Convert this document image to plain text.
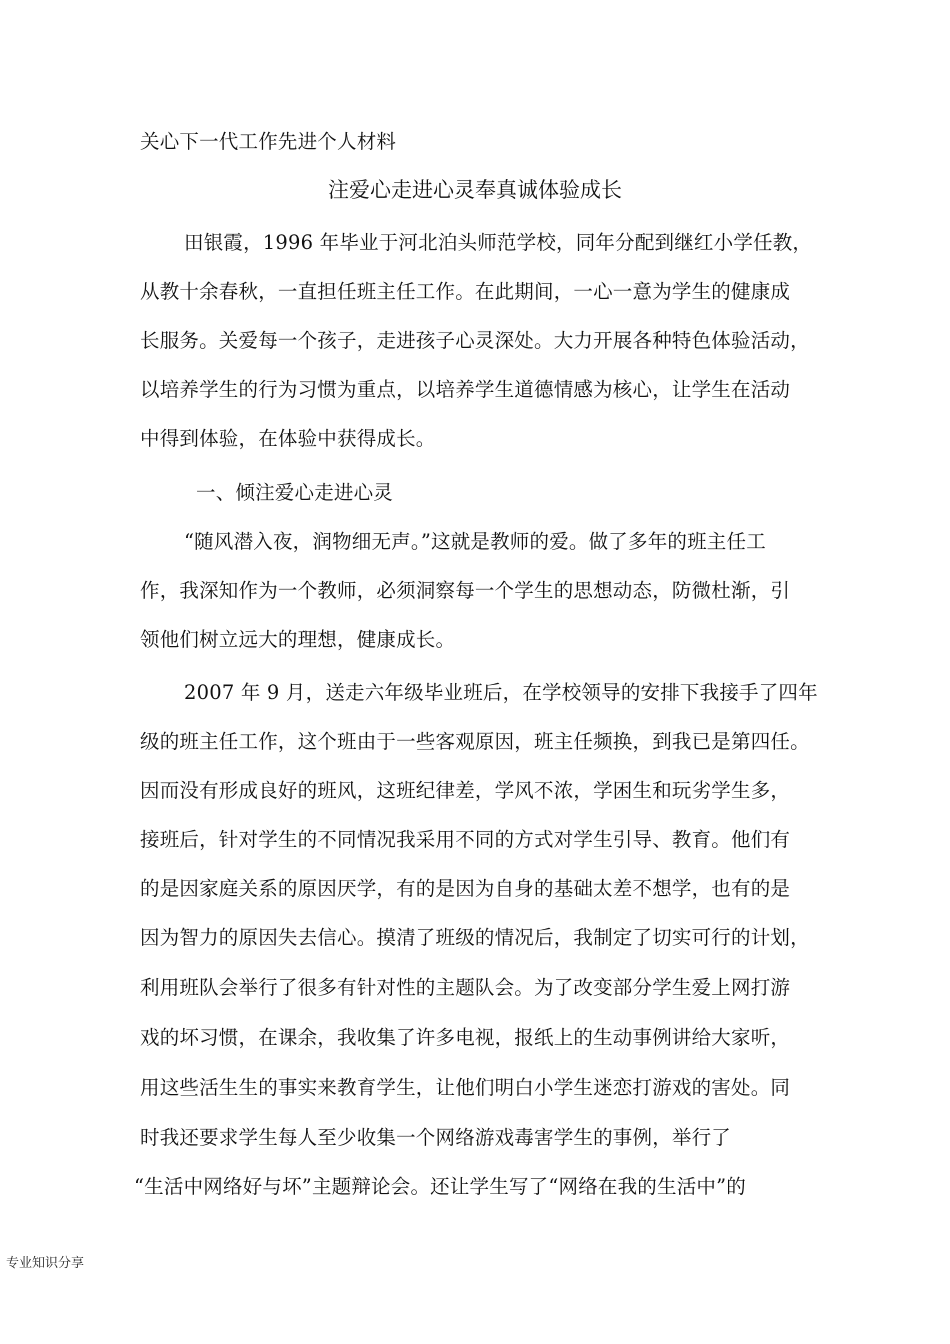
关心下一代工作先进个人材料
注爱心走进心灵奉真诚体验成长
田银霞，1996 年毕业于河北泊头师范学校，同年分配到继红小学任教，
从教十余春秋，一直担任班主任工作。在此期间，一心一意为学生的健康成
长服务。关爱每一个孩子，走进孩子心灵深处。大力开展各种特色体验活动，
以培养学生的行为习惯为重点，以培养学生道德情感为核心，让学生在活动
中得到体验，在体验中获得成长。
一、倾注爱心走进心灵
“随风潜入夜，润物细无声。”这就是教师的爱。做了多年的班主任工
作，我深知作为一个教师，必须洞察每一个学生的思想动态，防微杜渐，引
领他们树立远大的理想，健康成长。
2007 年 9 月，送走六年级毕业班后，在学校领导的安排下我接手了四年
级的班主任工作，这个班由于一些客观原因，班主任频换，到我已是第四任。
因而没有形成良好的班风，这班纪律差，学风不浓，学困生和玩劣学生多，
接班后，针对学生的不同情况我采用不同的方式对学生引导、教育。他们有
的是因家庭关系的原因厌学，有的是因为自身的基础太差不想学，也有的是
因为智力的原因失去信心。摸清了班级的情况后，我制定了切实可行的计划，
利用班队会举行了很多有针对性的主题队会。为了改变部分学生爱上网打游
戏的坏习惯，在课余，我收集了许多电视，报纸上的生动事例讲给大家听，
用这些活生生的事实来教育学生，让他们明白小学生迷恋打游戏的害处。同
时我还要求学生每人至少收集一个网络游戏毒害学生的事例，举行了
“生活中网络好与坏”主题辩论会。还让学生写了“网络在我的生活中”的
专业知识分享
